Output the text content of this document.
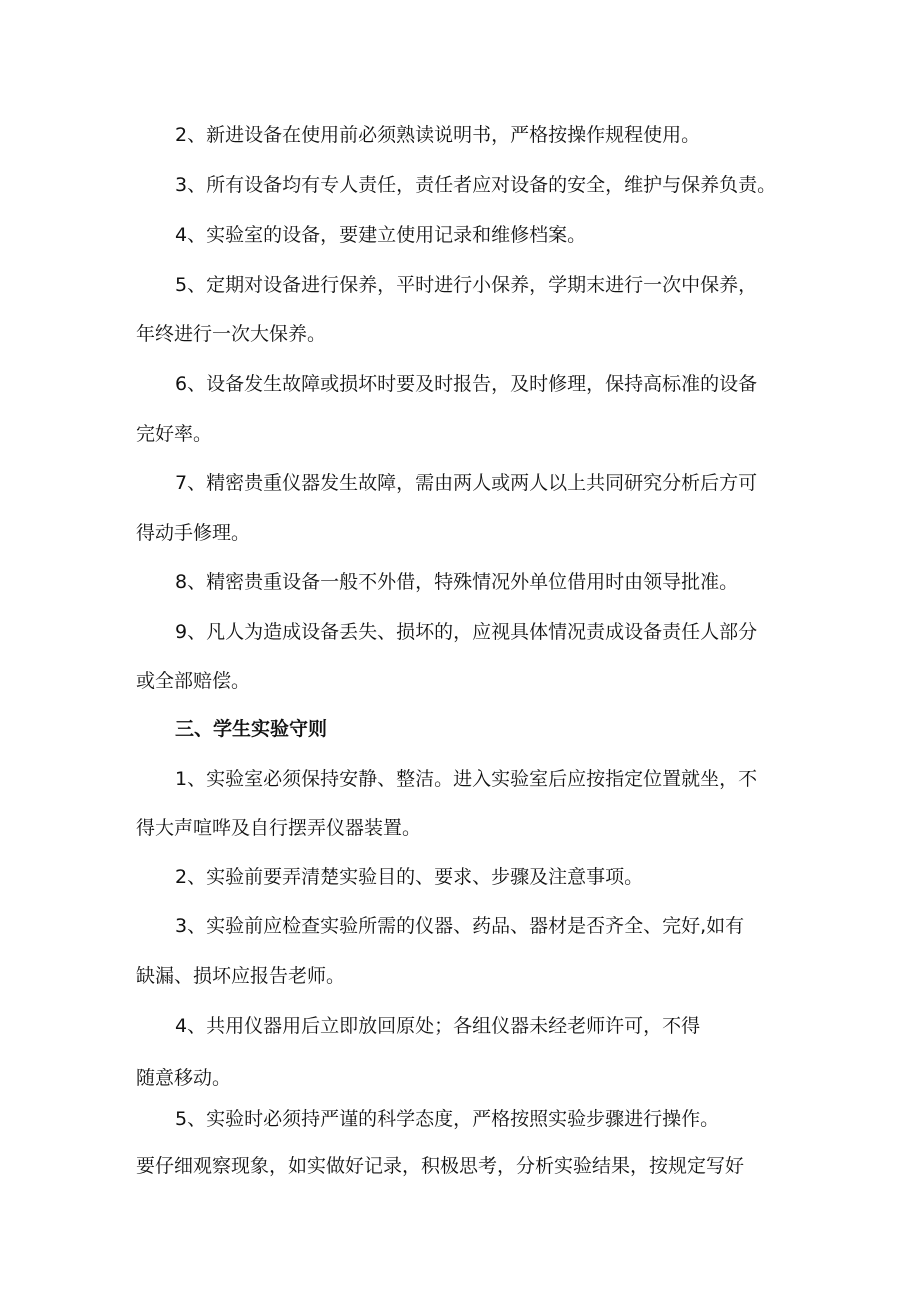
2、新进设备在使用前必须熟读说明书，严格按操作规程使用。

3、所有设备均有专人责任，责任者应对设备的安全，维护与保养负责。

4、实验室的设备，要建立使用记录和维修档案。

5、定期对设备进行保养，平时进行小保养，学期末进行一次中保养，

年终进行一次大保养。

6、设备发生故障或损坏时要及时报告，及时修理，保持高标准的设备

完好率。

7、精密贵重仪器发生故障，需由两人或两人以上共同研究分析后方可

得动手修理。

8、精密贵重设备一般不外借，特殊情况外单位借用时由领导批准。

9、凡人为造成设备丢失、损坏的，应视具体情况责成设备责任人部分

或全部赔偿。

三、学生实验守则

1、实验室必须保持安静、整洁。进入实验室后应按指定位置就坐，不

得大声喧哗及自行摆弄仪器装置。

2、实验前要弄清楚实验目的、要求、步骤及注意事项。

3、实验前应检查实验所需的仪器、药品、器材是否齐全、完好,如有

缺漏、损坏应报告老师。

4、共用仪器用后立即放回原处；各组仪器未经老师许可，不得

随意移动。

5、实验时必须持严谨的科学态度，严格按照实验步骤进行操作。

要仔细观察现象，如实做好记录，积极思考，分析实验结果，按规定写好
